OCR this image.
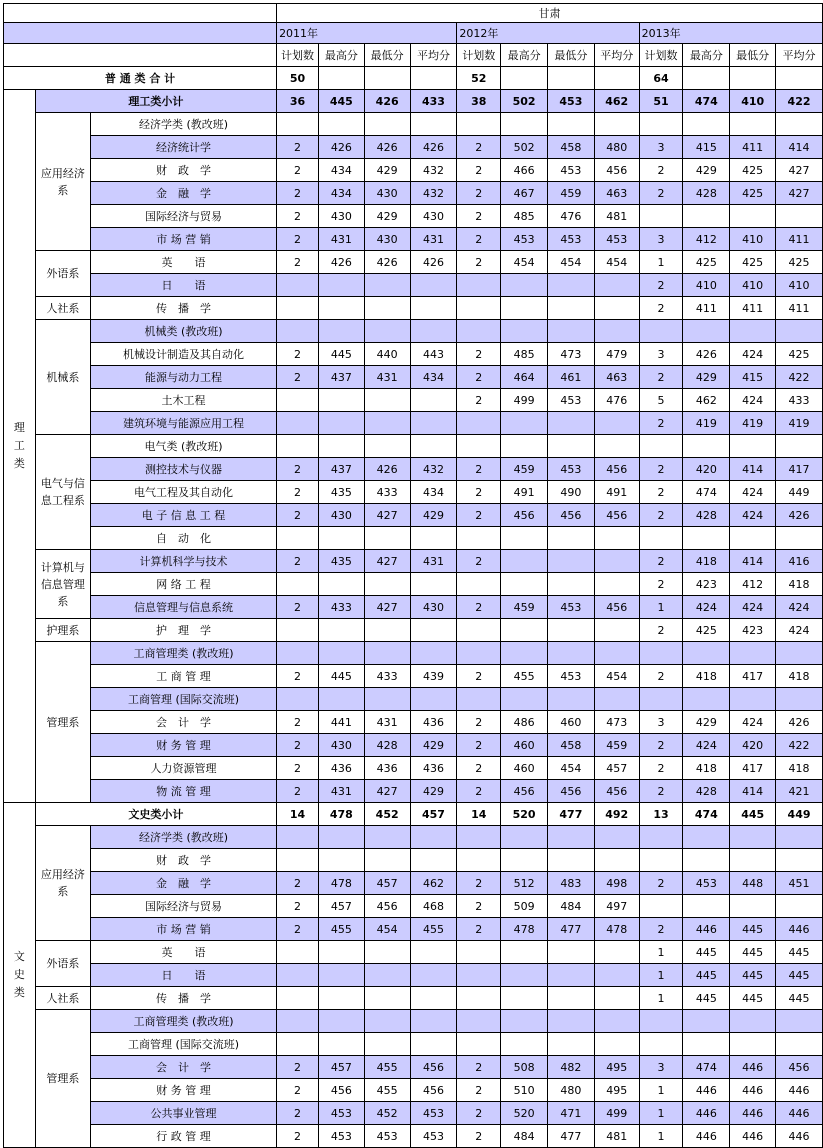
			甘肃											
			2011年				2012年				2013年			
			计划数	最高分	最低分	平均分	计划数	最高分	最低分	平均分	计划数	最高分	最低分	平均分
普 通 类 合 计			50				52				64			

理
工
类	理工类小计		36	445	426	433	38	502	453	462	51	474	410	422
	应用经济系	经济学类 (教改班)												
		经济统计学	2	426	426	426	2	502	458	480	3	415	411	414
		财　政　学	2	434	429	432	2	466	453	456	2	429	425	427
		金　融　学	2	434	430	432	2	467	459	463	2	428	425	427
		国际经济与贸易	2	430	429	430	2	485	476	481				
		市 场 营 销	2	431	430	431	2	453	453	453	3	412	410	411
	外语系	英　　语	2	426	426	426	2	454	454	454	1	425	425	425
		日　　语									2	410	410	410
	人社系	传　播　学									2	411	411	411
	机械系	机械类 (教改班)												
		机械设计制造及其自动化	2	445	440	443	2	485	473	479	3	426	424	425
		能源与动力工程	2	437	431	434	2	464	461	463	2	429	415	422
		土木工程					2	499	453	476	5	462	424	433
		建筑环境与能源应用工程									2	419	419	419
	电气与信息工程系	电气类 (教改班)												
		测控技术与仪器	2	437	426	432	2	459	453	456	2	420	414	417
		电气工程及其自动化	2	435	433	434	2	491	490	491	2	474	424	449
		电 子 信 息 工 程	2	430	427	429	2	456	456	456	2	428	424	426
		自　动　化												
	计算机与信息管理系	计算机科学与技术	2	435	427	431	2				2	418	414	416
		网 络 工 程									2	423	412	418
		信息管理与信息系统	2	433	427	430	2	459	453	456	1	424	424	424
	护理系	护　理　学									2	425	423	424
	管理系	工商管理类 (教改班)												
		工 商 管 理	2	445	433	439	2	455	453	454	2	418	417	418
		工商管理 (国际交流班)												
		会　计　学	2	441	431	436	2	486	460	473	3	429	424	426
		财 务 管 理	2	430	428	429	2	460	458	459	2	424	420	422
		人力资源管理	2	436	436	436	2	460	454	457	2	418	417	418
		物 流 管 理	2	431	427	429	2	456	456	456	2	428	414	421

文
史
类	文史类小计		14	478	452	457	14	520	477	492	13	474	445	449
	应用经济系	经济学类 (教改班)												
		财　政　学												
		金　融　学	2	478	457	462	2	512	483	498	2	453	448	451
		国际经济与贸易	2	457	456	468	2	509	484	497				
		市 场 营 销	2	455	454	455	2	478	477	478	2	446	445	446
	外语系	英　　语									1	445	445	445
		日　　语									1	445	445	445
	人社系	传　播　学									1	445	445	445
	管理系	工商管理类 (教改班)												
		工商管理 (国际交流班)												
		会　计　学	2	457	455	456	2	508	482	495	3	474	446	456
		财 务 管 理	2	456	455	456	2	510	480	495	1	446	446	446
		公共事业管理	2	453	452	453	2	520	471	499	1	446	446	446
		行 政 管 理	2	453	453	453	2	484	477	481	1	446	446	446
